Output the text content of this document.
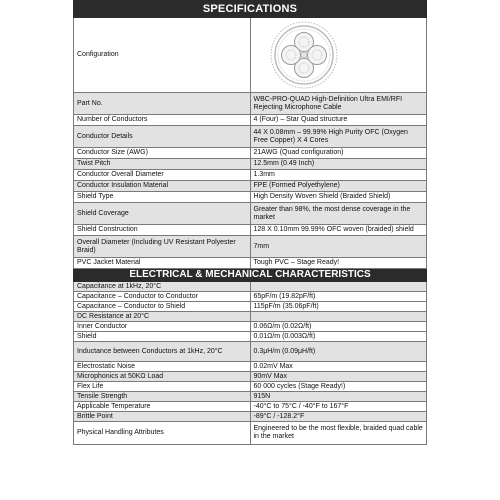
SPECIFICATIONS	
Configuration	

Part No.	WBC-PRO-QUAD High-Definition Ultra EMI/RFI Rejecting Microphone Cable
Number of Conductors	4 (Four) – Star Quad structure
Conductor Details	44 X 0.08mm – 99.99% High Purity OFC (Oxygen Free Copper) X 4 Cores
Conductor Size (AWG)	21AWG (Quad configuration)
Twist Pitch	12.5mm (0.49 Inch)
Conductor Overall Diameter	1.3mm
Conductor Insulation Material	FPE (Formed Polyethylene)
Shield Type	High Density Woven Shield (Braided Shield)
Shield Coverage	Greater than 98%, the most dense coverage in the market
Shield Construction	128 X 0.10mm 99.99% OFC woven (braided) shield
Overall Diameter (Including UV Resistant Polyester Braid)	7mm
PVC Jacket Material	Tough PVC – Stage Ready!
ELECTRICAL & MECHANICAL CHARACTERISTICS	
Capacitance at 1kHz, 20°C	
Capacitance – Conductor to Conductor	65pF/m (19.82pF/ft)
Capacitance – Conductor to Shield	115pF/m (35.06pF/ft)
DC Resistance at 20°C	
Inner Conductor	0.06Ω/m (0.02Ω/ft)
Shield	0.01Ω/m (0.003Ω/ft)
Inductance between Conductors at 1kHz, 20°C	0.3μH/m (0.09μH/ft)
Electrostatic Noise	0.02mV Max
Microphonics at 50KΩ Load	90mV Max
Flex Life	60 000 cycles (Stage Ready!)
Tensile Strength	915N
Applicable Temperature	-40°C to 75°C / -40°F to 167°F
Brittle Point	-89°C / -128.2°F
Physical Handling Attributes	Engineered to be the most flexible, braided quad cable in the market
